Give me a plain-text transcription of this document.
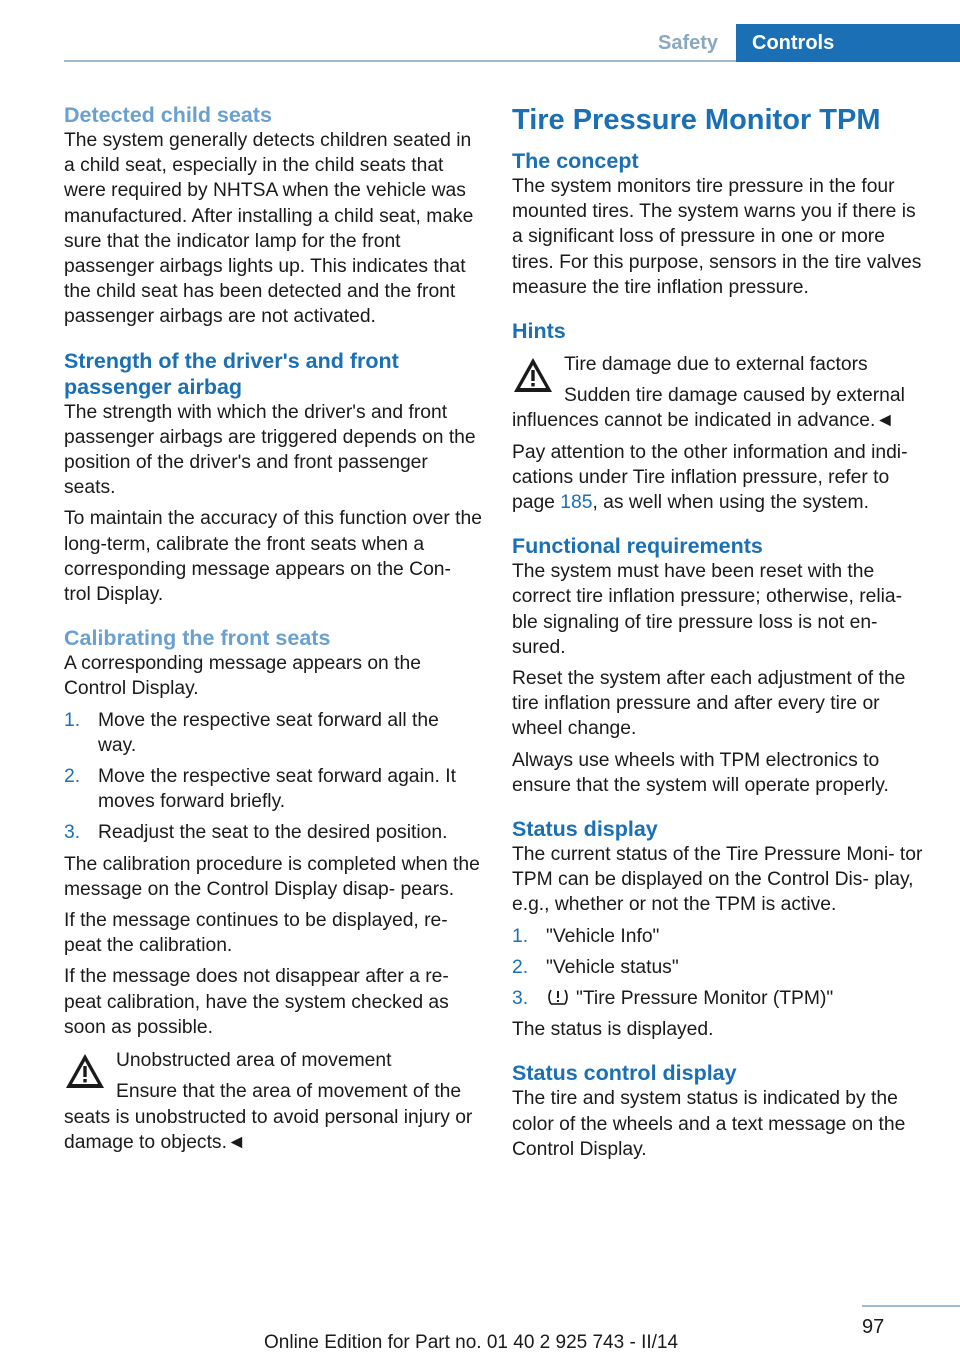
Safety	Controls
Detected child seats

The system generally detects children seated in a child seat, especially in the child seats that were required by NHTSA when the vehicle was manufactured. After installing a child seat, make sure that the indicator lamp for the front passenger airbags lights up. This indicates that the child seat has been detected and the front passenger airbags are not activated.

Strength of the driver's and front passenger airbag

The strength with which the driver's and front passenger airbags are triggered depends on the position of the driver's and front passenger seats.

To maintain the accuracy of this function over the long-term, calibrate the front seats when a corresponding message appears on the Con- trol Display.

Calibrating the front seats

A corresponding message appears on the Control Display.

1. Move the respective seat forward all the way.
2. Move the respective seat forward again. It moves forward briefly.
3. Readjust the seat to the desired position.

The calibration procedure is completed when the message on the Control Display disap- pears.

If the message continues to be displayed, re- peat the calibration.

If the message does not disappear after a re- peat calibration, have the system checked as soon as possible.

Unobstructed area of movement
Ensure that the area of movement of the seats is unobstructed to avoid personal injury or damage to objects.◄
Tire Pressure Monitor TPM
The concept

The system monitors tire pressure in the four mounted tires. The system warns you if there is a significant loss of pressure in one or more tires. For this purpose, sensors in the tire valves measure the tire inflation pressure.

Hints
Tire damage due to external factors
Sudden tire damage caused by external influences cannot be indicated in advance.◄

Pay attention to the other information and indi- cations under Tire inflation pressure, refer to page 185, as well when using the system.

Functional requirements

The system must have been reset with the correct tire inflation pressure; otherwise, relia- ble signaling of tire pressure loss is not en- sured.

Reset the system after each adjustment of the tire inflation pressure and after every tire or wheel change.

Always use wheels with TPM electronics to ensure that the system will operate properly.

Status display

The current status of the Tire Pressure Moni- tor TPM can be displayed on the Control Dis- play, e.g., whether or not the TPM is active.

1. "Vehicle Info"
2. "Vehicle status"
3. "Tire Pressure Monitor (TPM)"

The status is displayed.

Status control display

The tire and system status is indicated by the color of the wheels and a text message on the Control Display.

97
Online Edition for Part no. 01 40 2 925 743 - II/14
